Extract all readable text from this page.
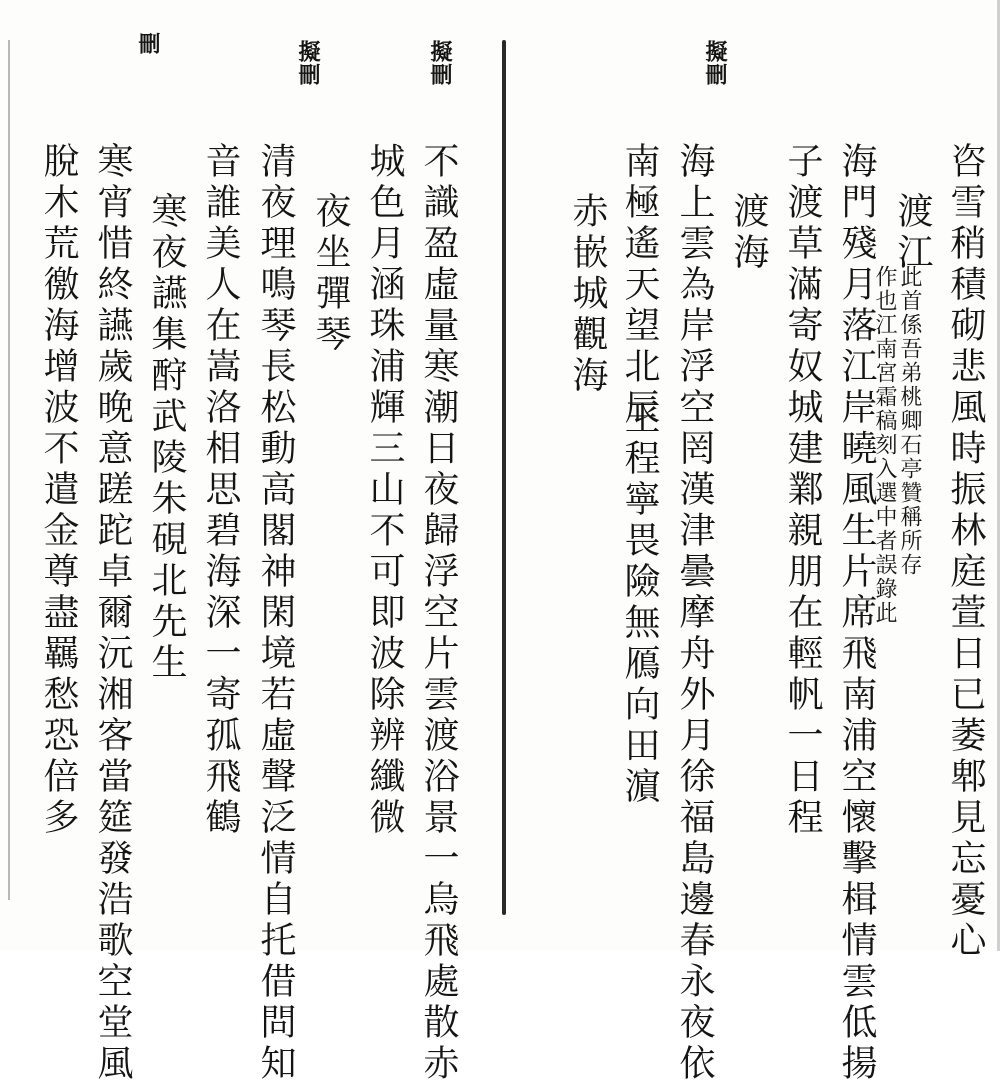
擬刪
咨雪稍積砌悲風時振林庭萱日已萎郫見忘憂心
渡江
此首係吾弟桃卿石亭贊稱所存
作也江南宮霜稿刻入選中者誤錄此
海門殘月落江岸曉風生片席飛南浦空懷擊楫情雲低揚
子渡草滿寄奴城建鄴親朋在輕帆一日程
渡海
海上雲為岸浮空罔漢津曇摩舟外月徐福島邊春永夜依
南極遙天望北辰
王程寧畏險無鴈向田濵
赤嵌城觀海
擬刪
擬刪
刪
不識盈虛量寒潮日夜歸浮空片雲渡浴景一烏飛處散赤
城色月涵珠浦輝三山不可即波除辨纖微
夜坐彈琴
清夜理鳴琴長松動高閣神閑境若虛聲泛情自托借問知
音誰美人在嵩洛相思碧海深一寄孤飛鶴
寒夜讌集酧武陵朱硯北先生
寒宵惜終讌歲晚意蹉跎卓爾沅湘客當筵發浩歌空堂風
脫木荒徼海增波不遣金尊盡羈愁恐倍多
